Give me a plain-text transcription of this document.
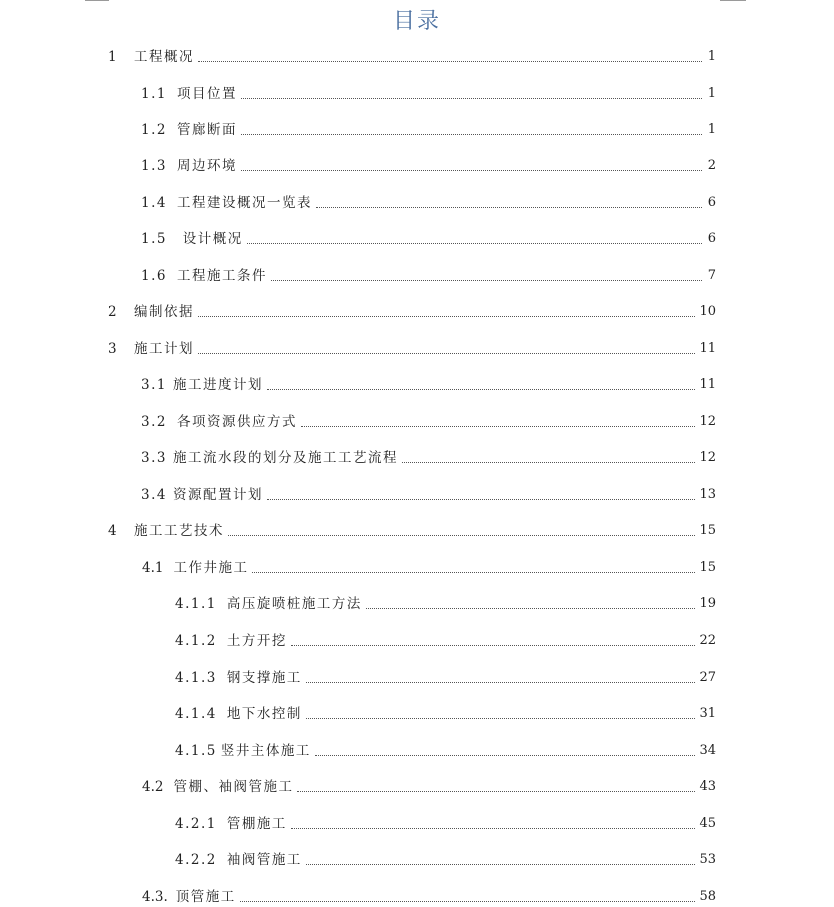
目录
1	工程概况	1
1.1 项目位置	1
1.2 管廊断面	1
1.3 周边环境	2
1.4 工程建设概况一览表	6
1.5 设计概况	6
1.6 工程施工条件	7
2	编制依据	10
3	施工计划	11
3.1 施工进度计划	11
3.2 各项资源供应方式	12
3.3 施工流水段的划分及施工工艺流程	12
3.4 资源配置计划	13
4	施工工艺技术	15
4.1 工作井施工	15
4.1.1 高压旋喷桩施工方法	19
4.1.2 土方开挖	22
4.1.3 钢支撑施工	27
4.1.4 地下水控制	31
4.1.5 竖井主体施工	34
4.2 管棚、袖阀管施工	43
4.2.1 管棚施工	45
4.2.2 袖阀管施工	53
4.3. 顶管施工	58
